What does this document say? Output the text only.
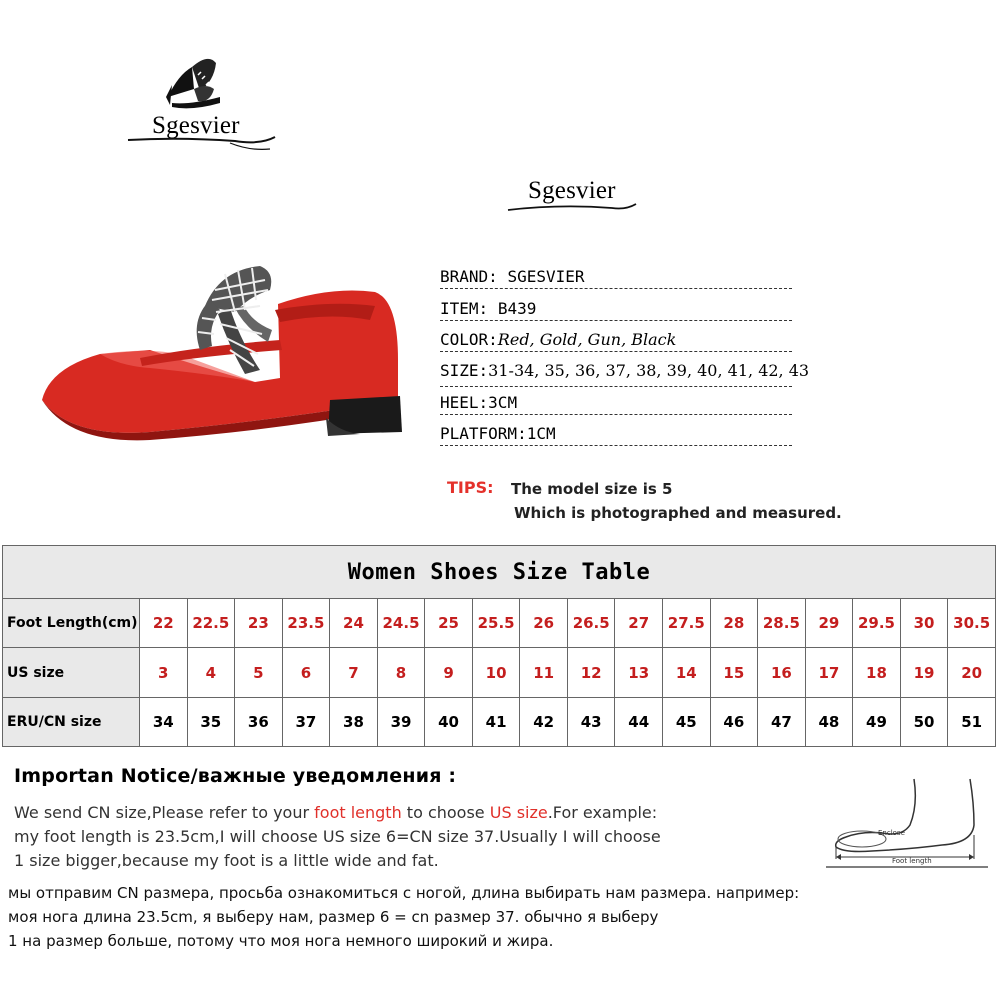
Sgesvier
Sgesvier
BRAND: SGESVIER
ITEM: B439
COLOR:Red, Gold, Gun, Black
SIZE:31-34, 35, 36, 37, 38, 39, 40, 41, 42, 43
HEEL:3CM
PLATFORM:1CM
TIPS: The model size is 5
Which is photographed and measured.
Women Shoes Size Table																		
Foot Length(cm)	22	22.5	23	23.5	24	24.5	25	25.5	26	26.5	27	27.5	28	28.5	29	29.5	30	30.5
US size	3	4	5	6	7	8	9	10	11	12	13	14	15	16	17	18	19	20
ERU/CN size	34	35	36	37	38	39	40	41	42	43	44	45	46	47	48	49	50	51
Importan Notice/важные уведомления :
We send CN size,Please refer to your foot length to choose US size.For example:
my foot length is 23.5cm,I will choose US size 6=CN size 37.Usually I will choose
1 size bigger,because my foot is a little wide and fat.
мы отправим CN размера, просьба ознакомиться с ногой, длина выбирать нам размера. например:
моя нога длина 23.5cm, я выберу нам, размер 6 = cn размер 37. обычно я выберу
1 на размер больше, потому что моя нога немного широкий и жира.
Enclose
Foot length
